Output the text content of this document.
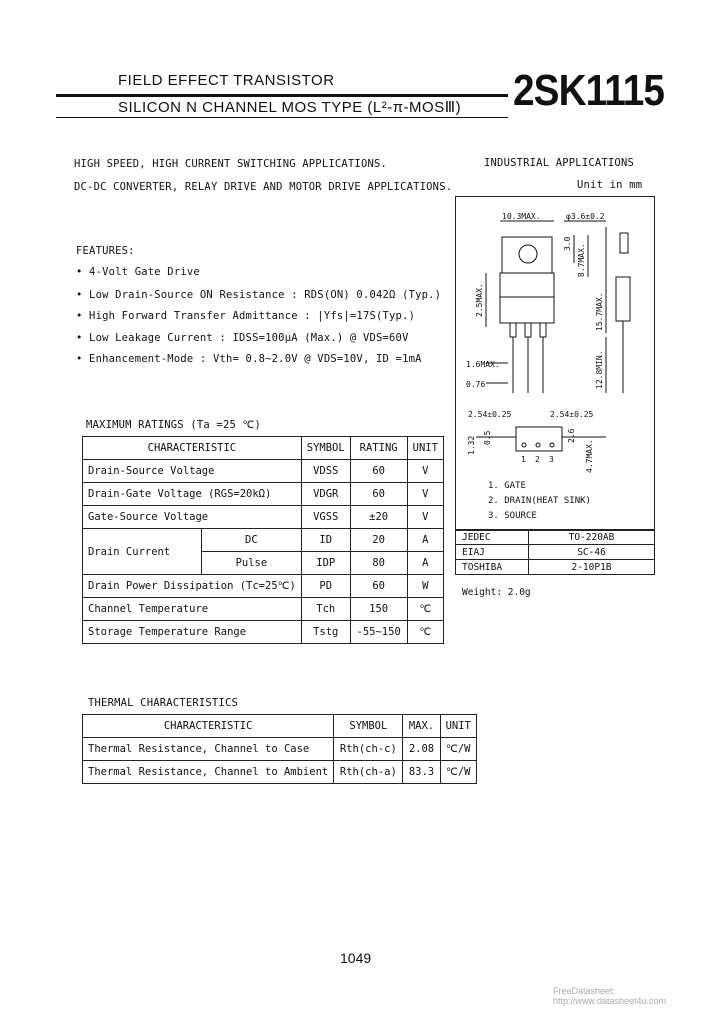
FIELD EFFECT TRANSISTOR
SILICON N CHANNEL MOS TYPE (L²-π-MOSⅢ) 2SK1115
HIGH SPEED, HIGH CURRENT SWITCHING APPLICATIONS.
DC-DC CONVERTER, RELAY DRIVE AND MOTOR DRIVE APPLICATIONS.
FEATURES:
• 4-Volt Gate Drive
• Low Drain-Source ON Resistance : RDS(ON) 0.042Ω (Typ.)
• High Forward Transfer Admittance : |Yfs|=17S(Typ.)
• Low Leakage Current : IDSS=100μA (Max.) @ VDS=60V
• Enhancement-Mode : Vth= 0.8~2.0V @ VDS=10V, ID =1mA
MAXIMUM RATINGS (Ta =25 ℃)
CHARACTERISTIC		SYMBOL	RATING	UNIT
Drain-Source Voltage		VDSS	60	V
Drain-Gate Voltage (RGS=20kΩ)		VDGR	60	V
Gate-Source Voltage		VGSS	±20	V
Drain Current	DC	ID	20	A
	Pulse	IDP	80	A
Drain Power Dissipation (Tc=25℃)		PD	60	W
Channel Temperature		Tch	150	℃
Storage Temperature Range		Tstg	-55~150	℃
THERMAL CHARACTERISTICS
CHARACTERISTIC	SYMBOL	MAX.	UNIT
Thermal Resistance, Channel to Case	Rth(ch-c)	2.08	℃/W
Thermal Resistance, Channel to Ambient	Rth(ch-a)	83.3	℃/W
INDUSTRIAL APPLICATIONS
Unit in mm
10.3MAX.	φ3.6±0.2
3.0 8.7MAX.
15.7MAX.
2.5MAX.
1.6MAX.
0.76	12.8MIN.
2.54±0.25	2.54±0.25
1.32 0.5	2.6
4.7MAX.
1 2 3
1. GATE
2. DRAIN(HEAT SINK)
3. SOURCE
JEDEC	TO-220AB
EIAJ	SC-46
TOSHIBA	2-10P1B
Weight: 2.0g
1049
FreeDatasheet: http://www.datasheet4u.com
